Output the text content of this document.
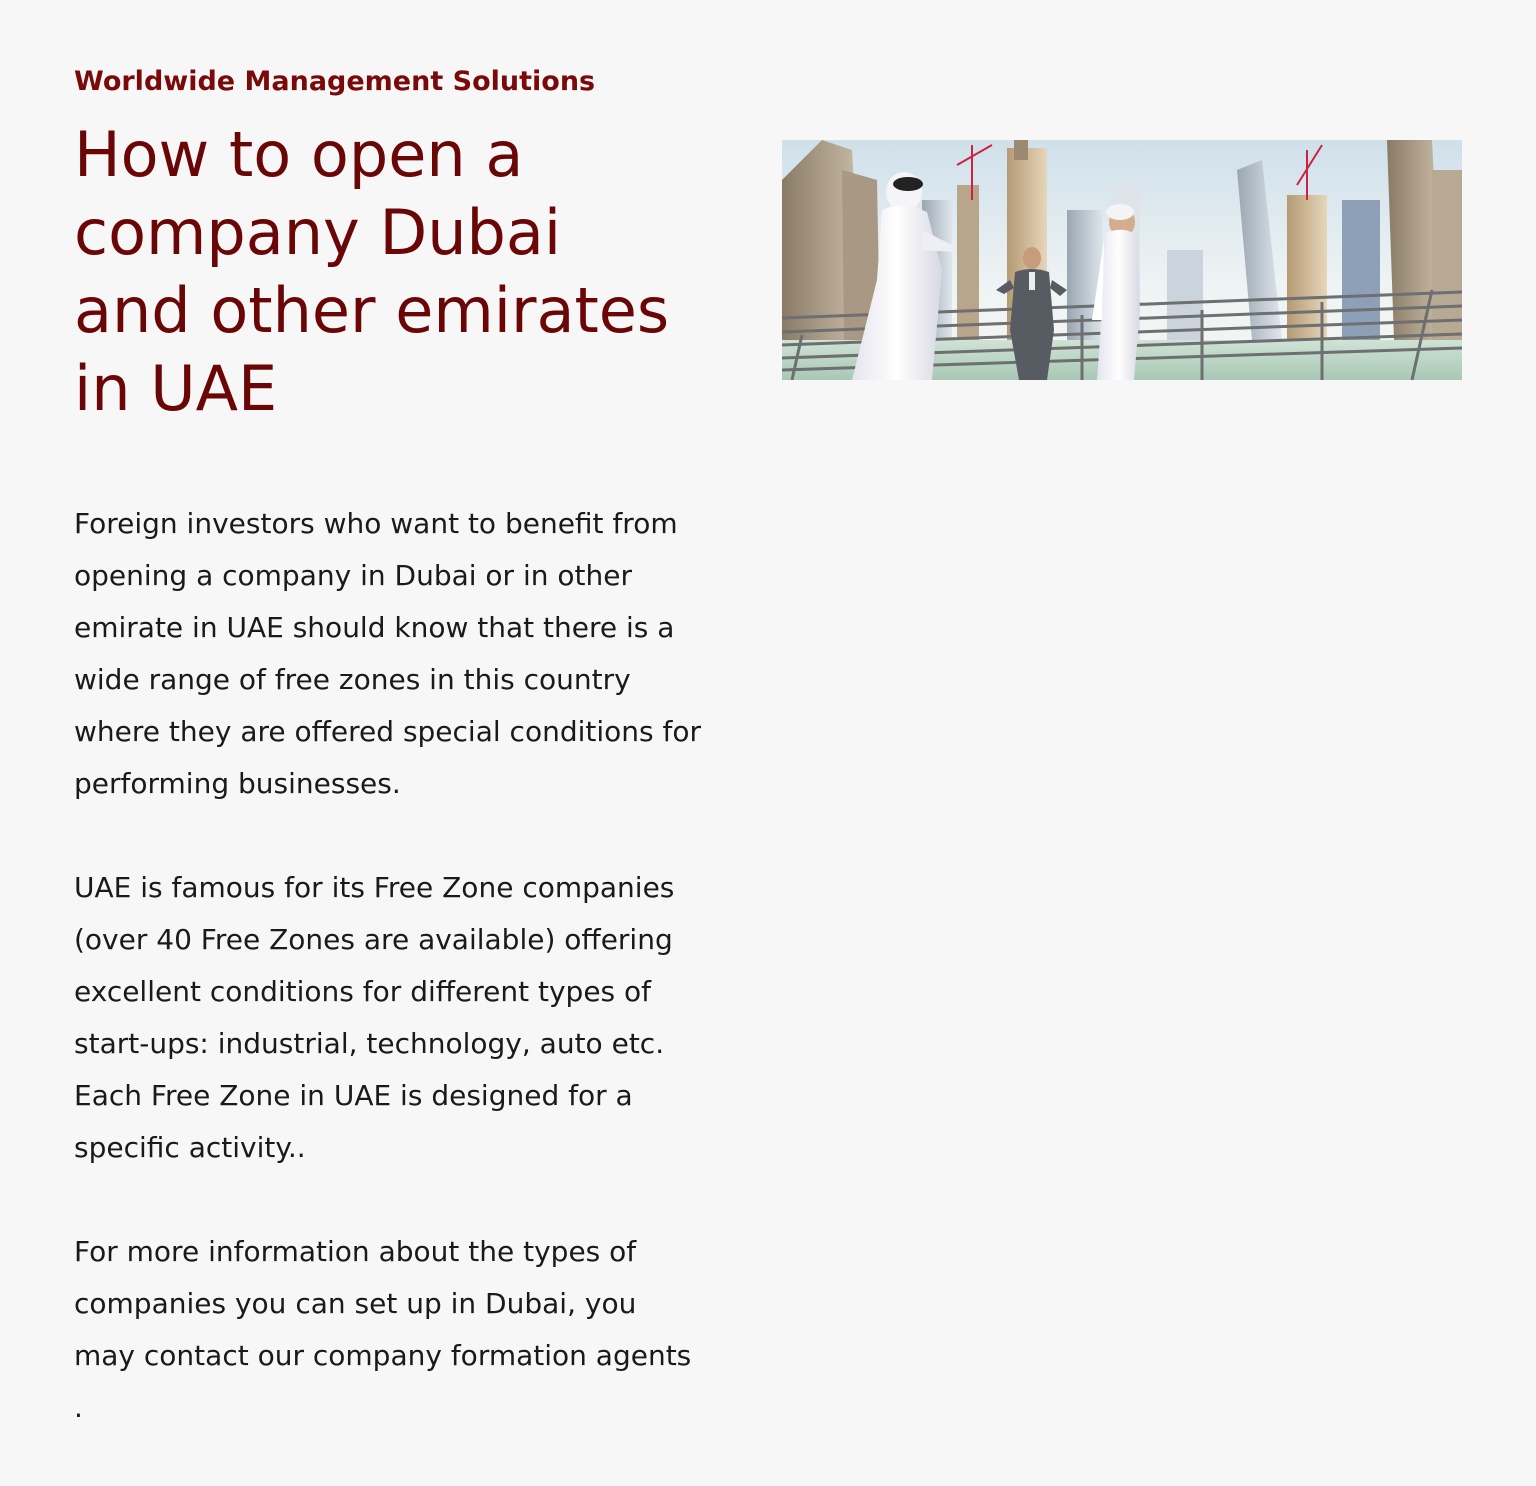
Worldwide Management Solutions
How to open a company Dubai and other emirates in UAE

Foreign investors who want to benefit from opening a company in Dubai or in other emirate in UAE should know that there is a wide range of free zones in this country where they are offered special conditions for performing businesses.

UAE is famous for its Free Zone companies (over 40 Free Zones are available) offering excellent conditions for different types of start-ups: industrial, technology, auto etc. Each Free Zone in UAE is designed for a specific activity..

For more information about the types of companies you can set up in Dubai, you may contact our company formation agents .
